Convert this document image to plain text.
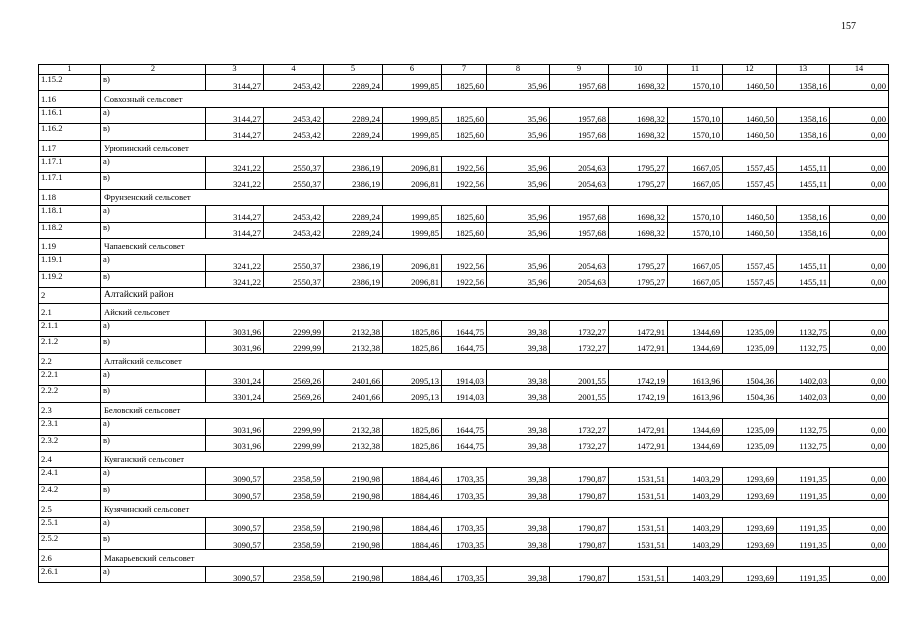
157
1	2	3	4	5	6	7	8	9	10	11	12	13	14
1.15.2	в)	3144,27	2453,42	2289,24	1999,85	1825,60	35,96	1957,68	1698,32	1570,10	1460,50	1358,16	0,00
1.16	Совхозный сельсовет												
1.16.1	а)	3144,27	2453,42	2289,24	1999,85	1825,60	35,96	1957,68	1698,32	1570,10	1460,50	1358,16	0,00
1.16.2	в)	3144,27	2453,42	2289,24	1999,85	1825,60	35,96	1957,68	1698,32	1570,10	1460,50	1358,16	0,00
1.17	Урюпинский сельсовет												
1.17.1	а)	3241,22	2550,37	2386,19	2096,81	1922,56	35,96	2054,63	1795,27	1667,05	1557,45	1455,11	0,00
1.17.1	в)	3241,22	2550,37	2386,19	2096,81	1922,56	35,96	2054,63	1795,27	1667,05	1557,45	1455,11	0,00
1.18	Фрунзенский сельсовет												
1.18.1	а)	3144,27	2453,42	2289,24	1999,85	1825,60	35,96	1957,68	1698,32	1570,10	1460,50	1358,16	0,00
1.18.2	в)	3144,27	2453,42	2289,24	1999,85	1825,60	35,96	1957,68	1698,32	1570,10	1460,50	1358,16	0,00
1.19	Чапаевский сельсовет												
1.19.1	а)	3241,22	2550,37	2386,19	2096,81	1922,56	35,96	2054,63	1795,27	1667,05	1557,45	1455,11	0,00
1.19.2	в)	3241,22	2550,37	2386,19	2096,81	1922,56	35,96	2054,63	1795,27	1667,05	1557,45	1455,11	0,00
2	Алтайский район												
2.1	Айский сельсовет												
2.1.1	а)	3031,96	2299,99	2132,38	1825,86	1644,75	39,38	1732,27	1472,91	1344,69	1235,09	1132,75	0,00
2.1.2	в)	3031,96	2299,99	2132,38	1825,86	1644,75	39,38	1732,27	1472,91	1344,69	1235,09	1132,75	0,00
2.2	Алтайский сельсовет												
2.2.1	а)	3301,24	2569,26	2401,66	2095,13	1914,03	39,38	2001,55	1742,19	1613,96	1504,36	1402,03	0,00
2.2.2	в)	3301,24	2569,26	2401,66	2095,13	1914,03	39,38	2001,55	1742,19	1613,96	1504,36	1402,03	0,00
2.3	Беловский сельсовет												
2.3.1	а)	3031,96	2299,99	2132,38	1825,86	1644,75	39,38	1732,27	1472,91	1344,69	1235,09	1132,75	0,00
2.3.2	в)	3031,96	2299,99	2132,38	1825,86	1644,75	39,38	1732,27	1472,91	1344,69	1235,09	1132,75	0,00
2.4	Куяганский сельсовет												
2.4.1	а)	3090,57	2358,59	2190,98	1884,46	1703,35	39,38	1790,87	1531,51	1403,29	1293,69	1191,35	0,00
2.4.2	в)	3090,57	2358,59	2190,98	1884,46	1703,35	39,38	1790,87	1531,51	1403,29	1293,69	1191,35	0,00
2.5	Кузячинский сельсовет												
2.5.1	а)	3090,57	2358,59	2190,98	1884,46	1703,35	39,38	1790,87	1531,51	1403,29	1293,69	1191,35	0,00
2.5.2	в)	3090,57	2358,59	2190,98	1884,46	1703,35	39,38	1790,87	1531,51	1403,29	1293,69	1191,35	0,00
2.6	Макарьевский сельсовет												
2.6.1	а)	3090,57	2358,59	2190,98	1884,46	1703,35	39,38	1790,87	1531,51	1403,29	1293,69	1191,35	0,00
